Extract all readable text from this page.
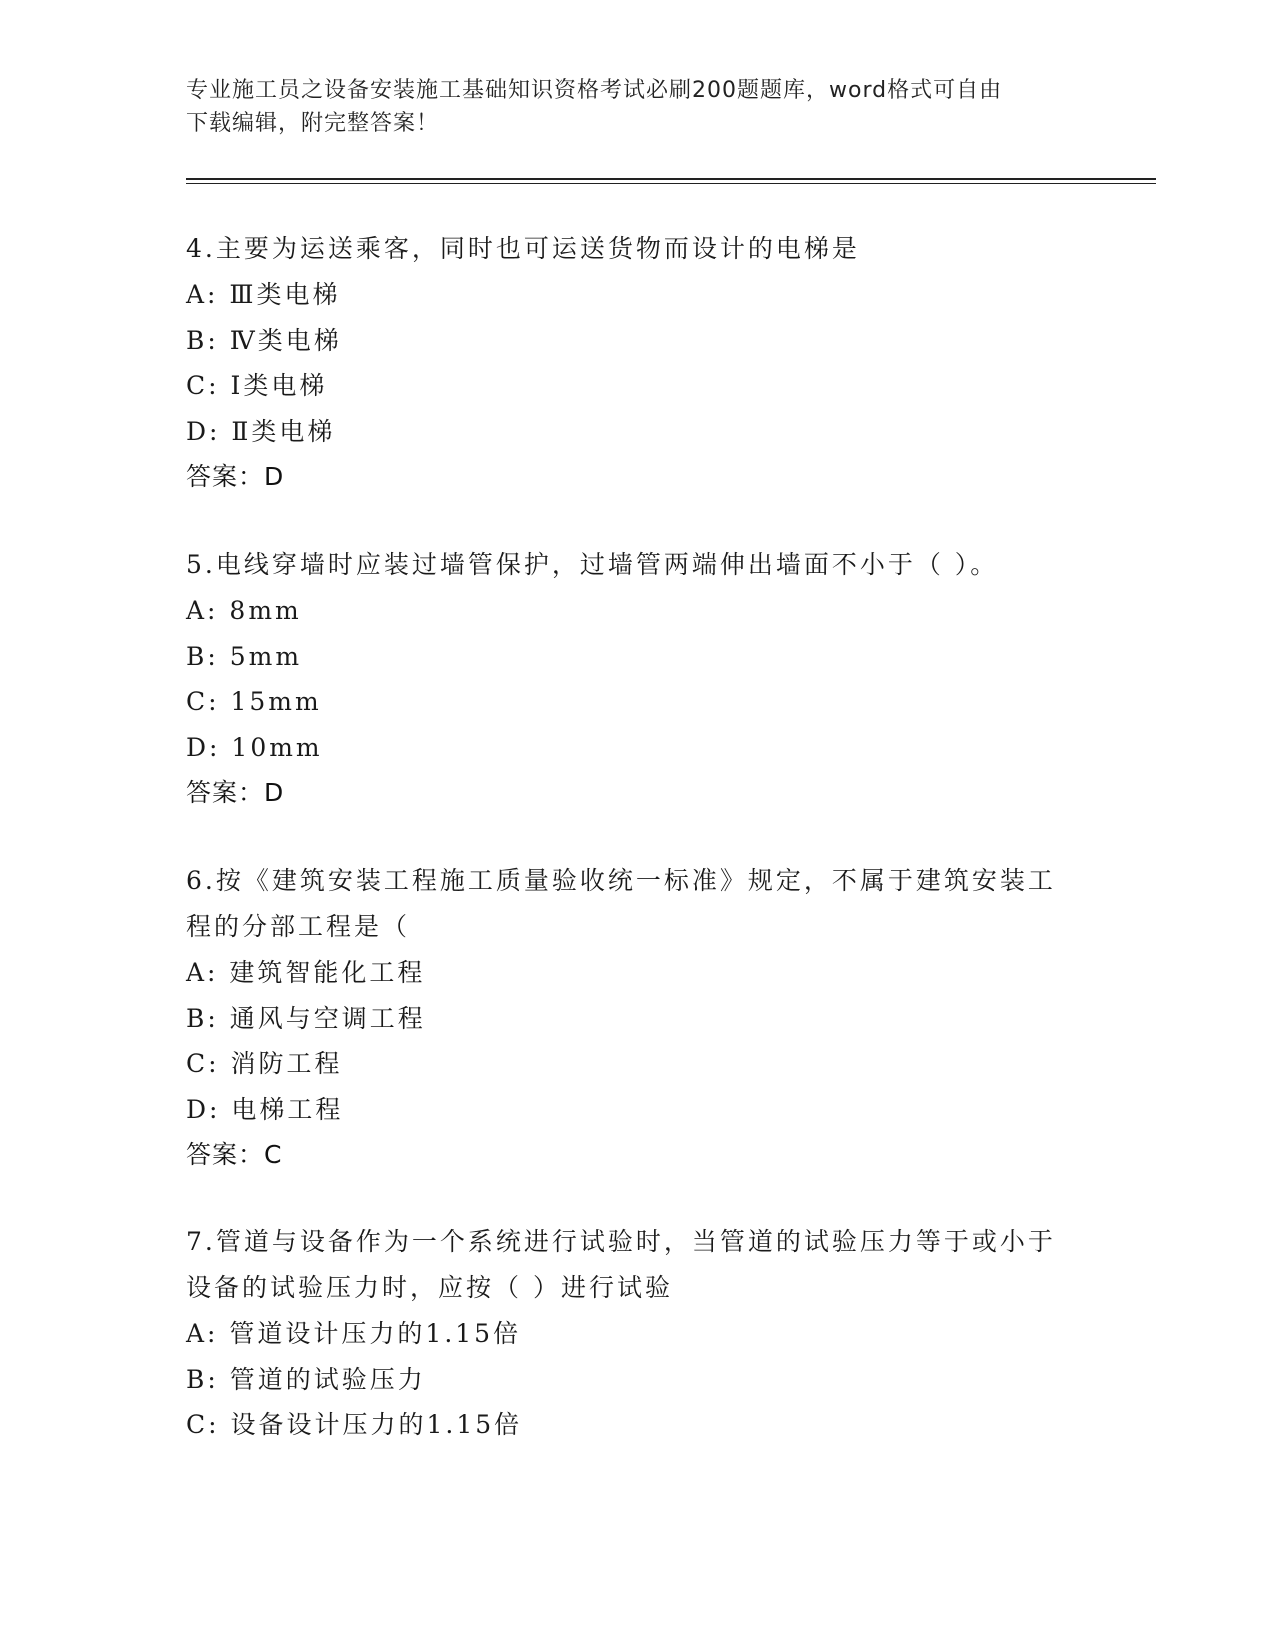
专业施工员之设备安装施工基础知识资格考试必刷200题题库，word格式可自由
下载编辑，附完整答案！
4.主要为运送乘客，同时也可运送货物而设计的电梯是
A: Ⅲ类电梯
B: Ⅳ类电梯
C: Ⅰ类电梯
D: Ⅱ类电梯
答案：D
5.电线穿墙时应装过墙管保护，过墙管两端伸出墙面不小于（ ）。
A: 8mm
B: 5mm
C: 15mm
D: 10mm
答案：D
6.按《建筑安装工程施工质量验收统一标准》规定，不属于建筑安装工程的分部工程是（
A: 建筑智能化工程
B: 通风与空调工程
C: 消防工程
D: 电梯工程
答案：C
7.管道与设备作为一个系统进行试验时，当管道的试验压力等于或小于设备的试验压力时，应按（ ）进行试验
A: 管道设计压力的1.15倍
B: 管道的试验压力
C: 设备设计压力的1.15倍
